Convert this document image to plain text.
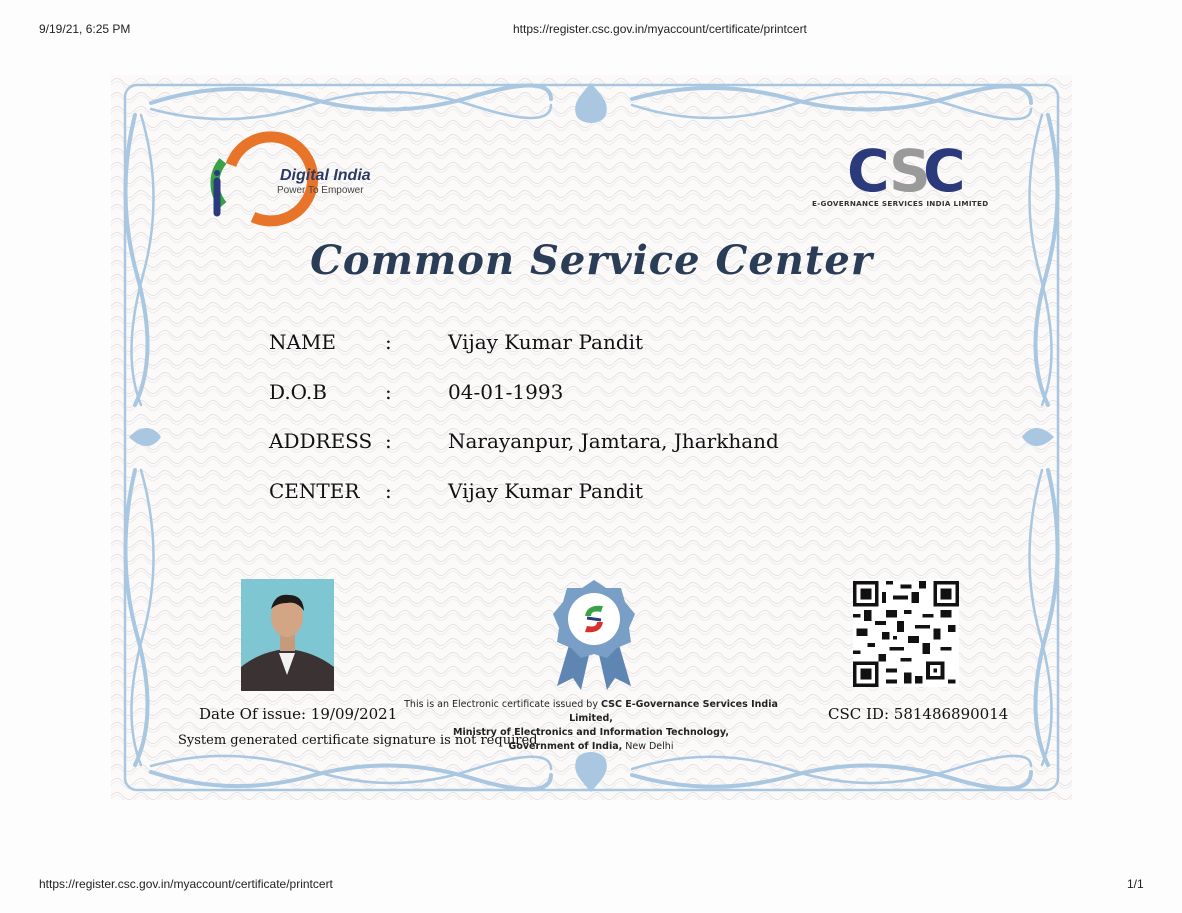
9/19/21, 6:25 PM	https://register.csc.gov.in/myaccount/certificate/printcert
C S
C
Digital India
Power To Empower
E-GOVERNANCE SERVICES INDIA LIMITED
Common Service Center
NAME :	Vijay Kumar Pandit
D.O.B	:	04-01-1993
ADDRESS :	Narayanpur, Jamtara, Jharkhand
CENTER :	Vijay Kumar Pandit
Date Of issue: 19/09/2021
System generated certificate signature is not required
CSC ID: 581486890014
This is an Electronic certificate issued by CSC E-Governance Services India Limited,
Ministry of Electronics and Information Technology,
Government of India, New Delhi
https://register.csc.gov.in/myaccount/certificate/printcert	1/1
